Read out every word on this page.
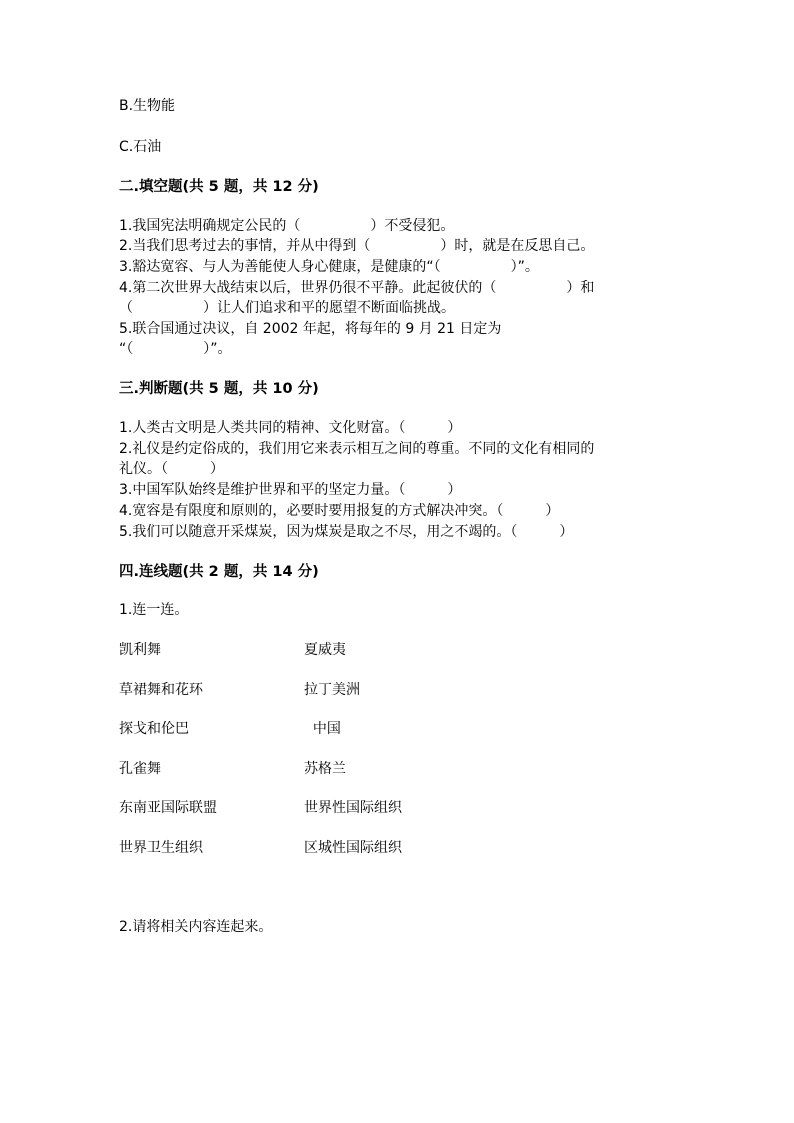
B.生物能
C.石油
二.填空题(共 5 题，共 12 分)
1.我国宪法明确规定公民的（　　　　　）不受侵犯。
2.当我们思考过去的事情，并从中得到（　　　　　）时，就是在反思自己。
3.豁达宽容、与人为善能使人身心健康，是健康的“（　　　　　）”。
4.第二次世界大战结束以后，世界仍很不平静。此起彼伏的（　　　　　）和
（　　　　　）让人们追求和平的愿望不断面临挑战。
5.联合国通过决议，自 2002 年起，将每年的 9 月 21 日定为
“（　　　　　）”。
三.判断题(共 5 题，共 10 分)
1.人类古文明是人类共同的精神、文化财富。（　　　）
2.礼仪是约定俗成的，我们用它来表示相互之间的尊重。不同的文化有相同的
礼仪。（　　　）
3.中国军队始终是维护世界和平的坚定力量。（　　　）
4.宽容是有限度和原则的，必要时要用报复的方式解决冲突。（　　　）
5.我们可以随意开采煤炭，因为煤炭是取之不尽，用之不竭的。（　　　）
四.连线题(共 2 题，共 14 分)
1.连一连。
凯利舞	夏威夷
草裙舞和花环	拉丁美洲
探戈和伦巴	中国
孔雀舞	苏格兰
东南亚国际联盟	世界性国际组织
世界卫生组织	区城性国际组织
2.请将相关内容连起来。
